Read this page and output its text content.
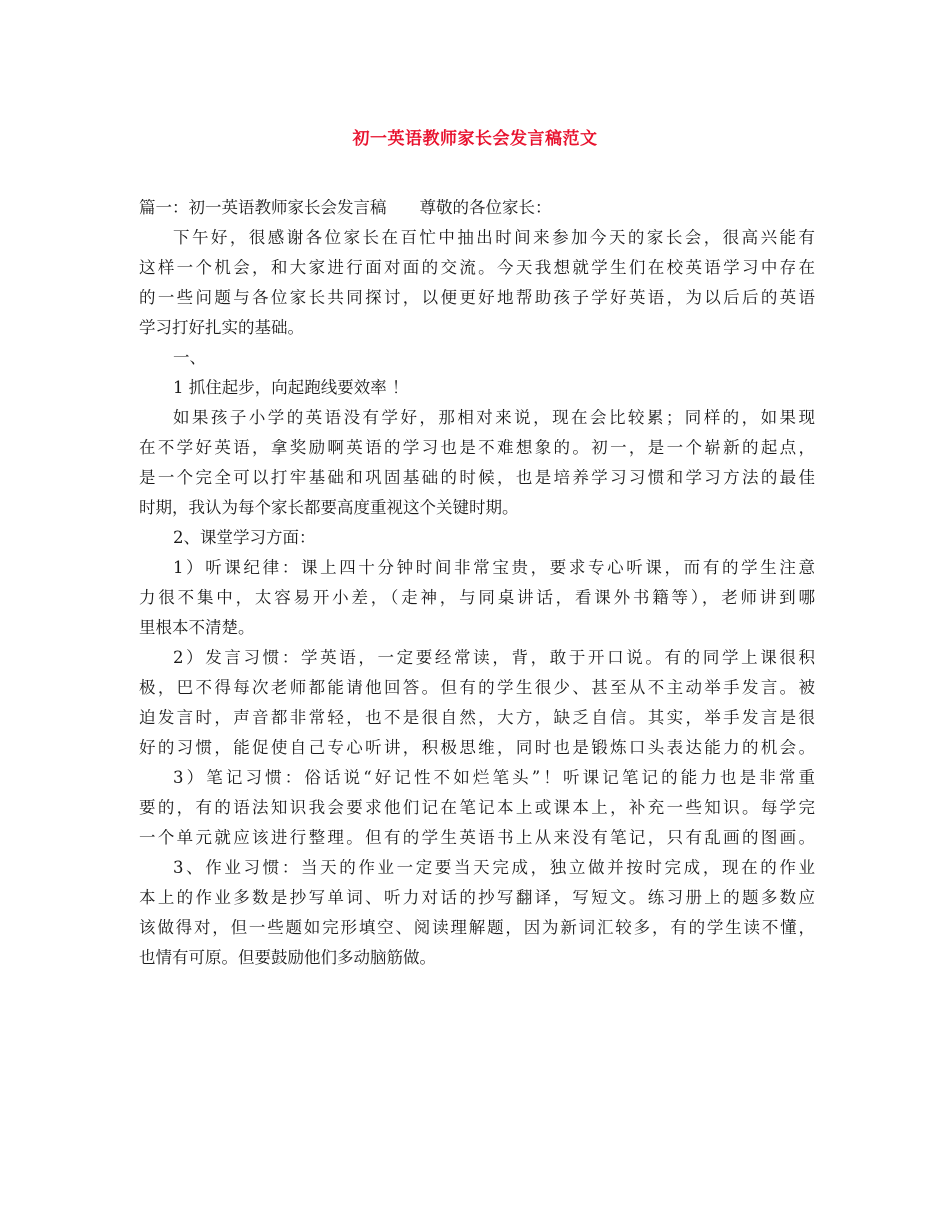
初一英语教师家长会发言稿范文
篇一：初一英语教师家长会发言稿　　尊敬的各位家长：
下午好，很感谢各位家长在百忙中抽出时间来参加今天的家长会，很高兴能有
这样一个机会，和大家进行面对面的交流。今天我想就学生们在校英语学习中存在
的一些问题与各位家长共同探讨，以便更好地帮助孩子学好英语，为以后后的英语
学习打好扎实的基础。
一、
1 抓住起步，向起跑线要效率 ！
如果孩子小学的英语没有学好，那相对来说，现在会比较累；同样的，如果现
在不学好英语，拿奖励啊英语的学习也是不难想象的。初一，是一个崭新的起点，
是一个完全可以打牢基础和巩固基础的时候，也是培养学习习惯和学习方法的最佳
时期，我认为每个家长都要高度重视这个关键时期。
2、课堂学习方面：
1）听课纪律：课上四十分钟时间非常宝贵，要求专心听课，而有的学生注意
力很不集中，太容易开小差，（走神，与同桌讲话，看课外书籍等），老师讲到哪
里根本不清楚。
2）发言习惯：学英语，一定要经常读，背，敢于开口说。有的同学上课很积
极，巴不得每次老师都能请他回答。但有的学生很少、甚至从不主动举手发言。被
迫发言时，声音都非常轻，也不是很自然，大方，缺乏自信。其实，举手发言是很
好的习惯，能促使自己专心听讲，积极思维，同时也是锻炼口头表达能力的机会。
3）笔记习惯：俗话说“好记性不如烂笔头”！听课记笔记的能力也是非常重
要的，有的语法知识我会要求他们记在笔记本上或课本上，补充一些知识。每学完
一个单元就应该进行整理。但有的学生英语书上从来没有笔记，只有乱画的图画。
3、作业习惯：当天的作业一定要当天完成，独立做并按时完成，现在的作业
本上的作业多数是抄写单词、听力对话的抄写翻译，写短文。练习册上的题多数应
该做得对，但一些题如完形填空、阅读理解题，因为新词汇较多，有的学生读不懂，
也情有可原。但要鼓励他们多动脑筋做。
